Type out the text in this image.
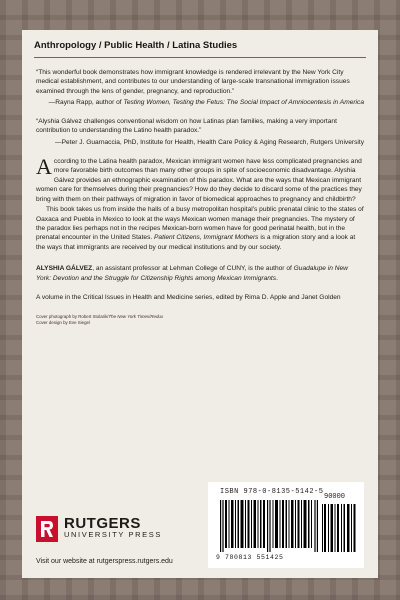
Anthropology / Public Health / Latina Studies

“This wonderful book demonstrates how immigrant knowledge is rendered irrelevant by the New York City medical establishment, and contributes to our understanding of large-scale transnational immigration issues examined through the lens of gender, pregnancy, and reproduction.”

—Rayna Rapp, author of Testing Women, Testing the Fetus: The Social Impact of Amniocentesis in America

“Alyshia Gálvez challenges conventional wisdom on how Latinas plan families, making a very important contribution to understanding the Latino health paradox.”

—Peter J. Guarnaccia, PhD, Institute for Health, Health Care Policy & Aging Research, Rutgers University

According to the Latina health paradox, Mexican immigrant women have less complicated pregnancies and more favorable birth outcomes than many other groups in spite of socioeconomic disadvantage. Alyshia Gálvez provides an ethnographic examination of this paradox. What are the ways that Mexican immigrant women care for themselves during their pregnancies? How do they decide to discard some of the practices they bring with them on their pathways of migration in favor of biomedical approaches to pregnancy and childbirth?

This book takes us from inside the halls of a busy metropolitan hospital’s public prenatal clinic to the states of Oaxaca and Puebla in Mexico to look at the ways Mexican women manage their pregnancies. The mystery of the paradox lies perhaps not in the recipes Mexican-born women have for good perinatal health, but in the prenatal encounter in the United States. Patient Citizens, Immigrant Mothers is a migration story and a look at the ways that immigrants are received by our medical institutions and by our society.

ALYSHIA GÁLVEZ, an assistant professor at Lehman College of CUNY, is the author of Guadalupe in New York: Devotion and the Struggle for Citizenship Rights among Mexican Immigrants.

A volume in the Critical Issues in Health and Medicine series, edited by Rima D. Apple and Janet Golden

Cover photograph by Robert Stolarik/The New York Times/Redux
Cover design by Eve Siegel
RUTGERS
UNIVERSITY PRESS
Visit our website at rutgerspress.rutgers.edu
ISBN 978-0-8135-5142-5
90000
9 780813 551425
